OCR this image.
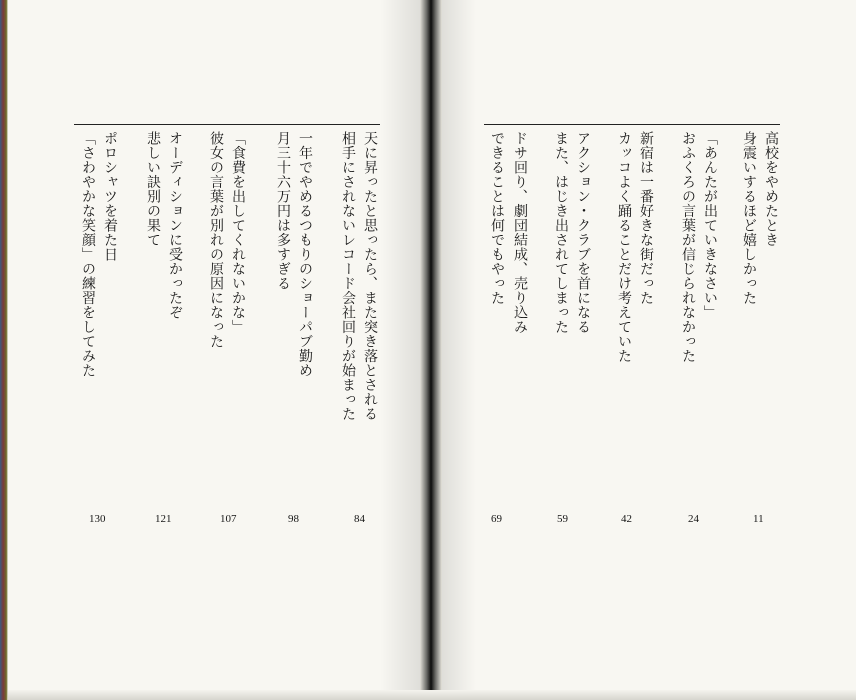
高校をやめたとき
身震いするほど嬉しかった
11
「あんたが出ていきなさい」
おふくろの言葉が信じられなかった
24
新宿は一番好きな街だった
カッコよく踊ることだけ考えていた
42
アクション・クラブを首になる
また、はじき出されてしまった
59
ドサ回り、劇団結成、売り込み
できることは何でもやった
69
天に昇ったと思ったら、また突き落とされる
相手にされないレコード会社回りが始まった
84
一年でやめるつもりのショーパブ勤め
月三十六万円は多すぎる
98
「食費を出してくれないかな」
彼女の言葉が別れの原因になった
107
オーディションに受かったぞ
悲しい訣別の果て
121
ポロシャツを着た日
「さわやかな笑顔」の練習をしてみた
130
